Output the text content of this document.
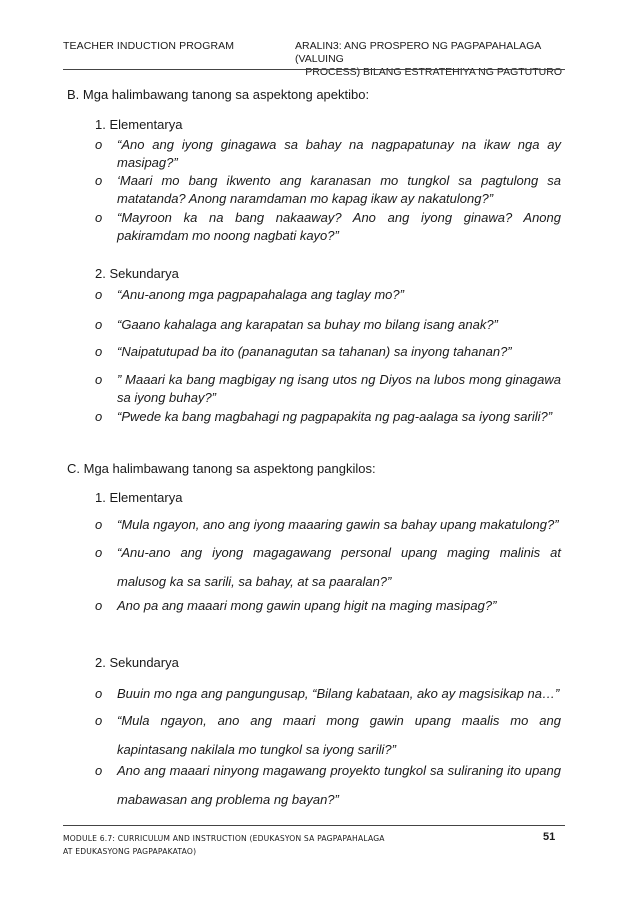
TEACHER INDUCTION PROGRAM	ARALIN3: ANG PROSPERO NG PAGPAPAHALAGA (VALUING
PROCESS) BILANG ESTRATEHIYA NG PAGTUTURO
B. Mga halimbawang tanong sa aspektong apektibo:
1. Elementarya
o “Ano ang iyong ginagawa sa bahay na nagpapatunay na ikaw nga ay masipag?”
o ‘Maari mo bang ikwento ang karanasan mo tungkol sa pagtulong sa matatanda? Anong naramdaman mo kapag ikaw ay nakatulong?”
o “Mayroon ka na bang nakaaway? Ano ang iyong ginawa? Anong pakiramdam mo noong nagbati kayo?”
2. Sekundarya
o “Anu-anong mga pagpapahalaga ang taglay mo?”
o “Gaano kahalaga ang karapatan sa buhay mo bilang isang anak?”
o “Naipatutupad ba ito (pananagutan sa tahanan) sa inyong tahanan?”
o ” Maaari ka bang magbigay ng isang utos ng Diyos na lubos mong ginagawa sa iyong buhay?”
o “Pwede ka bang magbahagi ng pagpapakita ng pag-aalaga sa iyong sarili?”
C. Mga halimbawang tanong sa aspektong pangkilos:
1. Elementarya
o “Mula ngayon, ano ang iyong maaaring gawin sa bahay upang makatulong?”
o “Anu-ano ang iyong magagawang personal upang maging malinis at malusog ka sa sarili, sa bahay, at sa paaralan?”
o Ano pa ang maaari mong gawin upang higit na maging masipag?”
2. Sekundarya
o Buuin mo nga ang pangungusap, “Bilang kabataan, ako ay magsisikap na…”
o “Mula ngayon, ano ang maari mong gawin upang maalis mo ang kapintasang nakilala mo tungkol sa iyong sarili?”
o Ano ang maaari ninyong magawang proyekto tungkol sa suliraning ito upang mabawasan ang problema ng bayan?”
MODULE 6.7: CURRICULUM AND INSTRUCTION (EDUKASYON SA PAGPAPAHALAGA
AT EDUKASYONG PAGPAPAKATAO)
51
